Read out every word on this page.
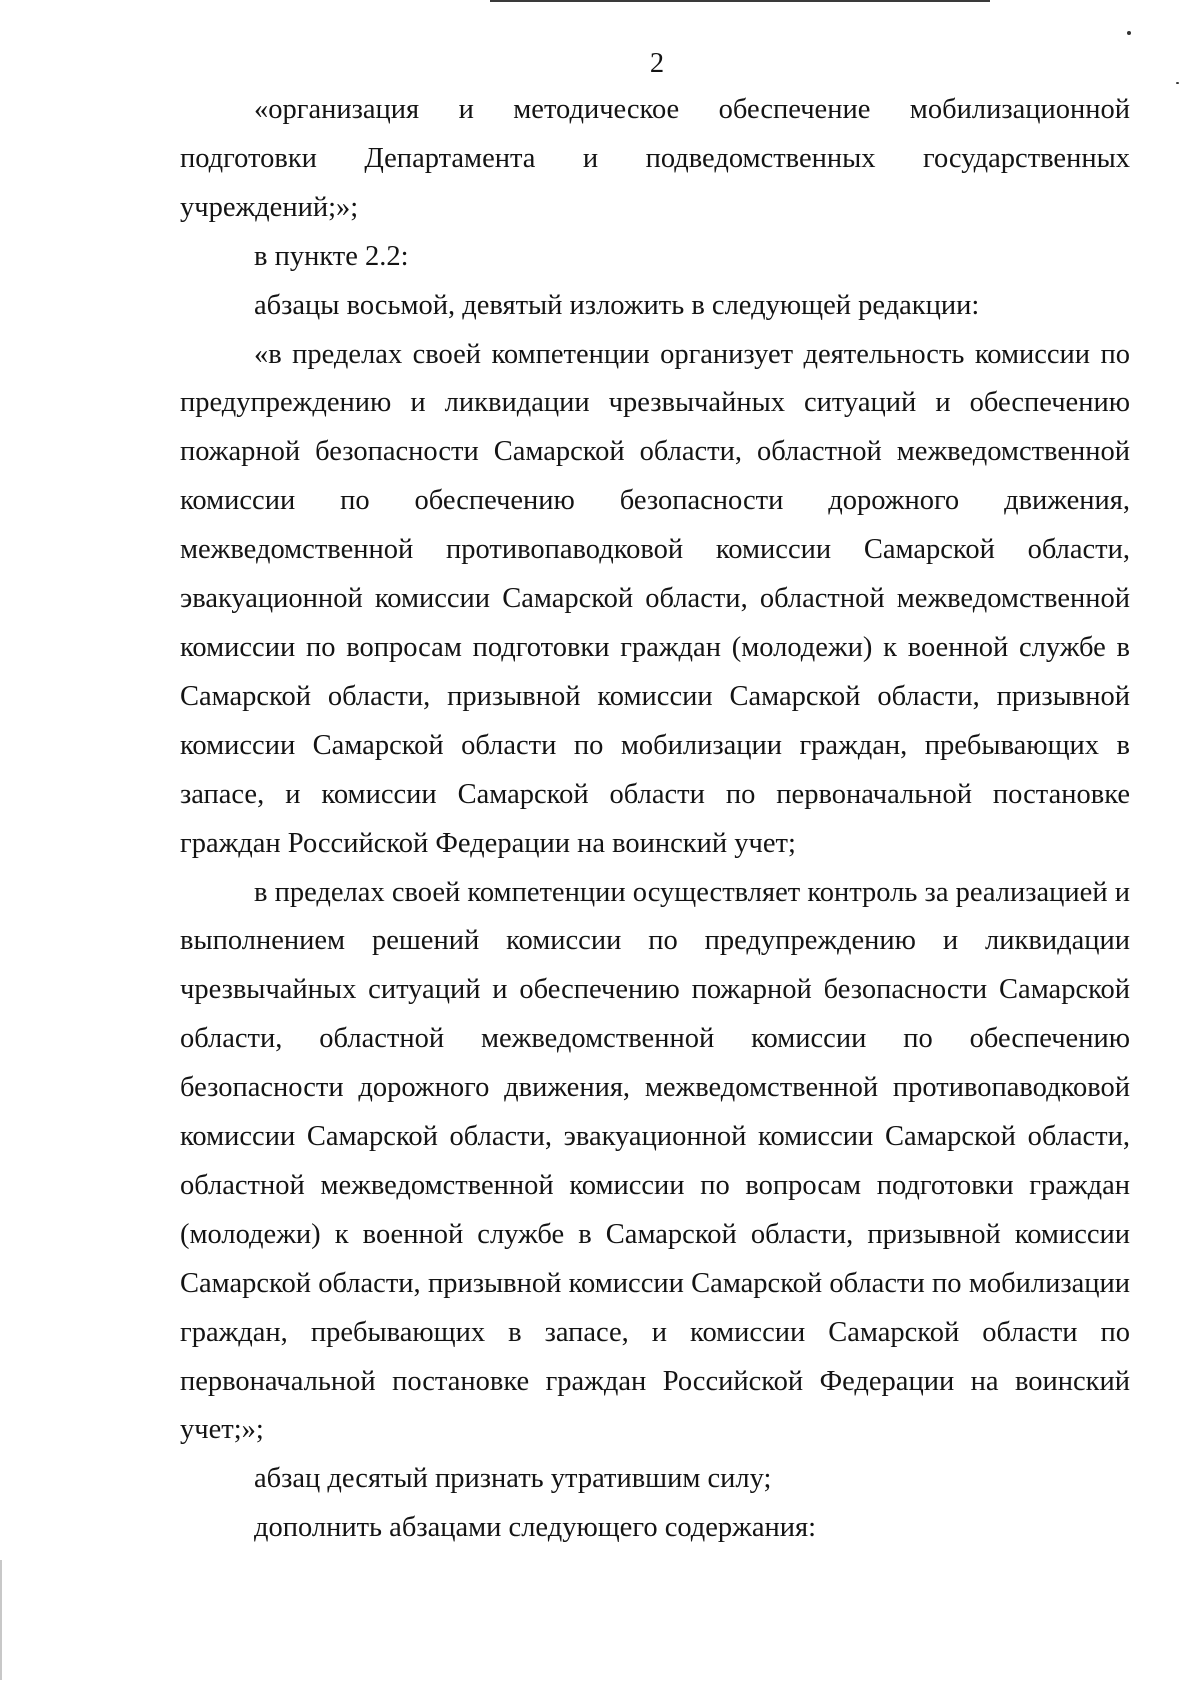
2

«организация и методическое обеспечение мобилизационной подготовки Департамента и подведомственных государственных учреждений;»;

в пункте 2.2:

абзацы восьмой, девятый изложить в следующей редакции:

«в пределах своей компетенции организует деятельность комиссии по предупреждению и ликвидации чрезвычайных ситуаций и обеспечению пожарной безопасности Самарской области, областной межведомственной комиссии по обеспечению безопасности дорожного движения, межведомственной противопаводковой комиссии Самарской области, эвакуационной комиссии Самарской области, областной межведомственной комиссии по вопросам подготовки граждан (молодежи) к военной службе в Самарской области, призывной комиссии Самарской области, призывной комиссии Самарской области по мобилизации граждан, пребывающих в запасе, и комиссии Самарской области по первоначальной постановке граждан Российской Федерации на воинский учет;

в пределах своей компетенции осуществляет контроль за реализацией и выполнением решений комиссии по предупреждению и ликвидации чрезвычайных ситуаций и обеспечению пожарной безопасности Самарской области, областной межведомственной комиссии по обеспечению безопасности дорожного движения, межведомственной противопаводковой комиссии Самарской области, эвакуационной комиссии Самарской области, областной межведомственной комиссии по вопросам подготовки граждан (молодежи) к военной службе в Самарской области, призывной комиссии Самарской области, призывной комиссии Самарской области по мобилизации граждан, пребывающих в запасе, и комиссии Самарской области по первоначальной постановке граждан Российской Федерации на воинский учет;»;

абзац десятый признать утратившим силу;

дополнить абзацами следующего содержания:
